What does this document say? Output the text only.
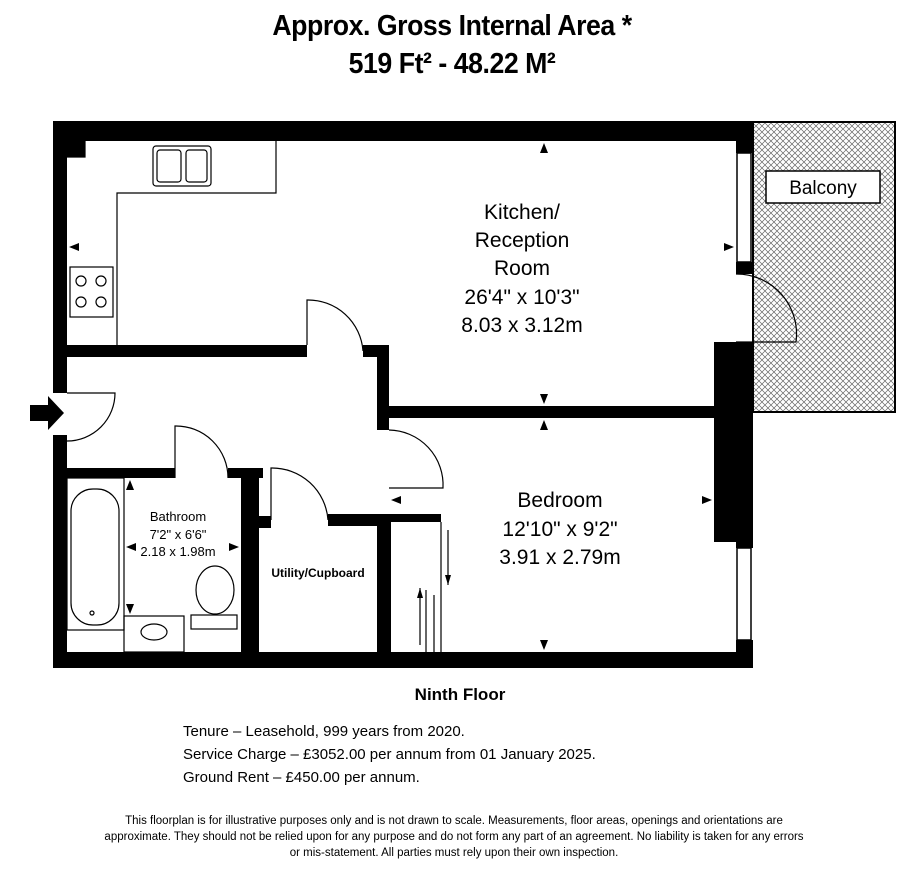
Approx. Gross Internal Area *
519 Ft² - 48.22 M²
Balcony
Kitchen/
Reception
Room
26'4" x 10'3"
8.03 x 3.12m
Bedroom
12'10" x 9'2"
3.91 x 2.79m
Bathroom
7'2" x 6'6"
2.18 x 1.98m
Utility/Cupboard
Ninth Floor
Tenure – Leasehold, 999 years from 2020.
Service Charge – £3052.00 per annum from 01 January 2025.
Ground Rent – £450.00 per annum.
This floorplan is for illustrative purposes only and is not drawn to scale. Measurements, floor areas, openings and orientations are
approximate. They should not be relied upon for any purpose and do not form any part of an agreement. No liability is taken for any errors
or mis-statement. All parties must rely upon their own inspection.
